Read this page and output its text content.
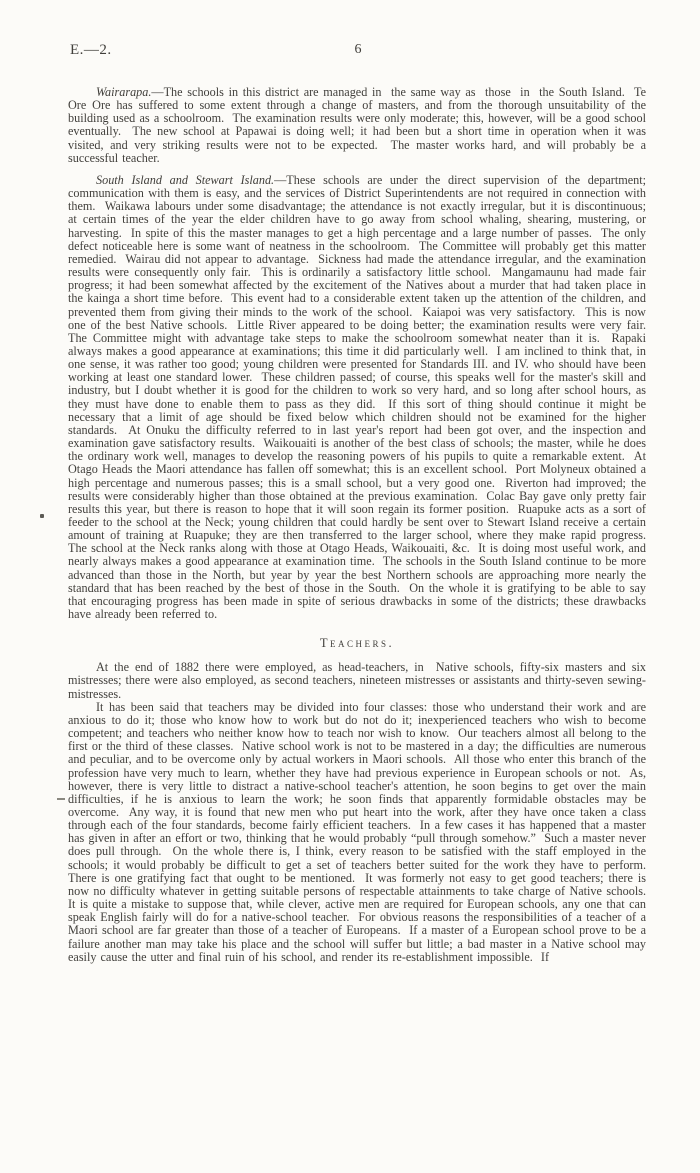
E.—2.	6

Wairarapa.—The schools in this district are managed in  the same way as  those  in  the South Island.  Te Ore Ore has suffered to some extent through a change of masters, and from the thorough unsuitability of the building used as a schoolroom.  The examination results were only moderate; this, however, will be a good school eventually.  The new school at Papawai is doing well; it had been but a short time in operation when it was visited, and very striking results were not to be expected.  The master works hard, and will probably be a successful teacher.

South Island and Stewart Island.—These schools are under the direct supervision of the department; communication with them is easy, and the services of District Superintendents are not required in connection with them.  Waikawa labours under some disadvantage; the attendance is not exactly irregular, but it is discontinuous; at certain times of the year the elder children have to go away from school whaling, shearing, mustering, or harvesting.  In spite of this the master manages to get a high percentage and a large number of passes.  The only defect noticeable here is some want of neatness in the schoolroom.  The Committee will probably get this matter remedied.  Wairau did not appear to advantage.  Sickness had made the attendance irregular, and the examination results were consequently only fair.  This is ordinarily a satisfactory little school.  Mangamaunu had made fair progress; it had been somewhat affected by the excitement of the Natives about a murder that had taken place in the kainga a short time before.  This event had to a considerable extent taken up the attention of the children, and prevented them from giving their minds to the work of the school.  Kaiapoi was very satisfactory.  This is now one of the best Native schools.  Little River appeared to be doing better; the examination results were very fair.  The Committee might with advantage take steps to make the schoolroom somewhat neater than it is.  Rapaki always makes a good appearance at examinations; this time it did particularly well.  I am inclined to think that, in one sense, it was rather too good; young children were presented for Standards III. and IV. who should have been working at least one standard lower.  These children passed; of course, this speaks well for the master's skill and industry, but I doubt whether it is good for the children to work so very hard, and so long after school hours, as they must have done to enable them to pass as they did.  If this sort of thing should continue it might be necessary that a limit of age should be fixed below which children should not be examined for the higher standards.  At Onuku the difficulty referred to in last year's report had been got over, and the inspection and examination gave satisfactory results.  Waikouaiti is another of the best class of schools; the master, while he does the ordinary work well, manages to develop the reasoning powers of his pupils to quite a remarkable extent.  At Otago Heads the Maori attendance has fallen off somewhat; this is an excellent school.  Port Molyneux obtained a high percentage and numerous passes; this is a small school, but a very good one.  Riverton had improved; the results were considerably higher than those obtained at the previous examination.  Colac Bay gave only pretty fair results this year, but there is reason to hope that it will soon regain its former position.  Ruapuke acts as a sort of feeder to the school at the Neck; young children that could hardly be sent over to Stewart Island receive a certain amount of training at Ruapuke; they are then transferred to the larger school, where they make rapid progress.  The school at the Neck ranks along with those at Otago Heads, Waikouaiti, &c.  It is doing most useful work, and nearly always makes a good appearance at examination time.  The schools in the South Island continue to be more advanced than those in the North, but year by year the best Northern schools are approaching more nearly the standard that has been reached by the best of those in the South.  On the whole it is gratifying to be able to say that encouraging progress has been made in spite of serious drawbacks in some of the districts; these drawbacks have already been referred to.

Teachers.

At the end of 1882 there were employed, as head-teachers, in  Native schools, fifty-six masters and six mistresses; there were also employed, as second teachers, nineteen mistresses or assistants and thirty-seven sewing-mistresses.

It has been said that teachers may be divided into four classes: those who understand their work and are anxious to do it; those who know how to work but do not do it; inexperienced teachers who wish to become competent; and teachers who neither know how to teach nor wish to know.  Our teachers almost all belong to the first or the third of these classes.  Native school work is not to be mastered in a day; the difficulties are numerous and peculiar, and to be overcome only by actual workers in Maori schools.  All those who enter this branch of the profession have very much to learn, whether they have had previous experience in European schools or not.  As, however, there is very little to distract a native-school teacher's attention, he soon begins to get over the main difficulties, if he is anxious to learn the work; he soon finds that apparently formidable obstacles may be overcome.  Any way, it is found that new men who put heart into the work, after they have once taken a class through each of the four standards, become fairly efficient teachers.  In a few cases it has happened that a master has given in after an effort or two, thinking that he would probably “pull through somehow.”  Such a master never does pull through.  On the whole there is, I think, every reason to be satisfied with the staff employed in the schools; it would probably be difficult to get a set of teachers better suited for the work they have to perform.  There is one gratifying fact that ought to be mentioned.  It was formerly not easy to get good teachers; there is now no difficulty whatever in getting suitable persons of respectable attainments to take charge of Native schools.  It is quite a mistake to suppose that, while clever, active men are required for European schools, any one that can speak English fairly will do for a native-school teacher.  For obvious reasons the responsibilities of a teacher of a Maori school are far greater than those of a teacher of Europeans.  If a master of a European school prove to be a failure another man may take his place and the school will suffer but little; a bad master in a Native school may easily cause the utter and final ruin of his school, and render its re-establishment impossible.  If
